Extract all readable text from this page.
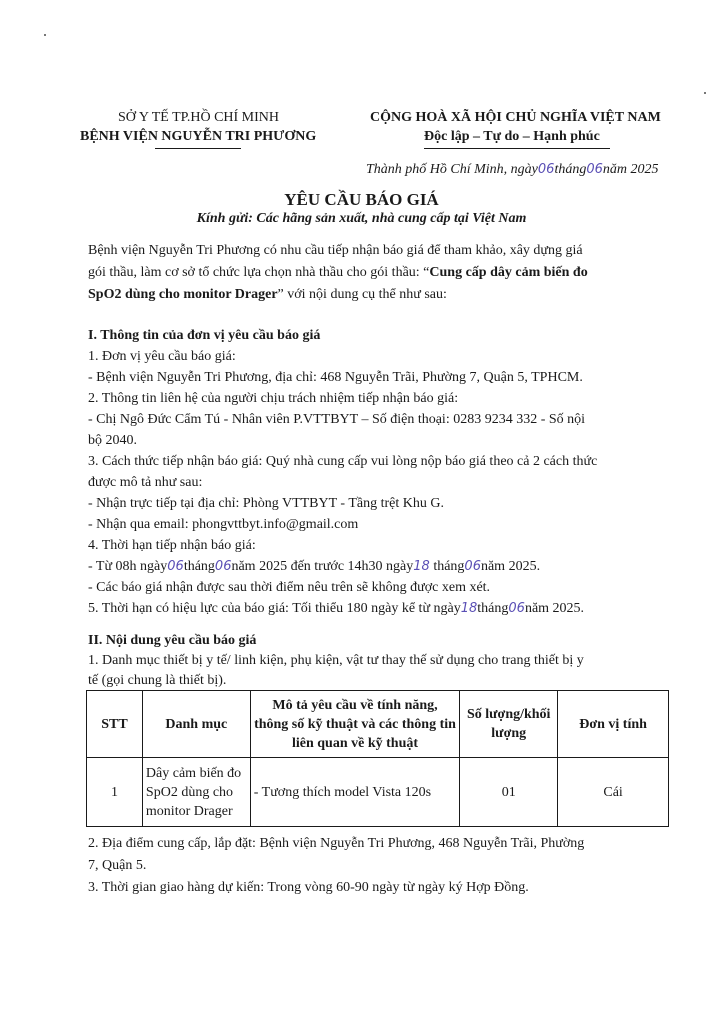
SỞ Y TẾ TP.HỒ CHÍ MINH
BỆNH VIỆN NGUYỄN TRI PHƯƠNG
CỘNG HOÀ XÃ HỘI CHỦ NGHĨA VIỆT NAM
Độc lập – Tự do – Hạnh phúc
Thành phố Hồ Chí Minh, ngày06tháng06năm 2025
YÊU CẦU BÁO GIÁ
Kính gửi: Các hãng sản xuất, nhà cung cấp tại Việt Nam
Bệnh viện Nguyễn Tri Phương có nhu cầu tiếp nhận báo giá để tham khảo, xây dựng giá
gói thầu, làm cơ sở tổ chức lựa chọn nhà thầu cho gói thầu: “Cung cấp dây cảm biến đo
SpO2 dùng cho monitor Drager” với nội dung cụ thể như sau:
I. Thông tin của đơn vị yêu cầu báo giá
1. Đơn vị yêu cầu báo giá:
- Bệnh viện Nguyễn Tri Phương, địa chỉ: 468 Nguyễn Trãi, Phường 7, Quận 5, TPHCM.
2. Thông tin liên hệ của người chịu trách nhiệm tiếp nhận báo giá:
- Chị Ngô Đức Cẩm Tú - Nhân viên P.VTTBYT – Số điện thoại: 0283 9234 332 - Số nội
bộ 2040.
3. Cách thức tiếp nhận báo giá: Quý nhà cung cấp vui lòng nộp báo giá theo cả 2 cách thức
được mô tả như sau:
- Nhận trực tiếp tại địa chỉ: Phòng VTTBYT - Tầng trệt Khu G.
- Nhận qua email: phongvttbyt.info@gmail.com
4. Thời hạn tiếp nhận báo giá:
- Từ 08h ngày06tháng06năm 2025 đến trước 14h30 ngày18 tháng06năm 2025.
- Các báo giá nhận được sau thời điểm nêu trên sẽ không được xem xét.
5. Thời hạn có hiệu lực của báo giá: Tối thiểu 180 ngày kể từ ngày18tháng06năm 2025.
II. Nội dung yêu cầu báo giá
1. Danh mục thiết bị y tế/ linh kiện, phụ kiện, vật tư thay thế sử dụng cho trang thiết bị y
tế (gọi chung là thiết bị).
STT	Danh mục	Mô tả yêu cầu về tính năng, thông số kỹ thuật và các thông tin liên quan về kỹ thuật	Số lượng/khối lượng	Đơn vị tính
1	Dây cảm biến đo SpO2 dùng cho monitor Drager	- Tương thích model Vista 120s	01	Cái
2. Địa điểm cung cấp, lắp đặt: Bệnh viện Nguyễn Tri Phương, 468 Nguyễn Trãi, Phường
7, Quận 5.
3. Thời gian giao hàng dự kiến: Trong vòng 60-90 ngày từ ngày ký Hợp Đồng.
